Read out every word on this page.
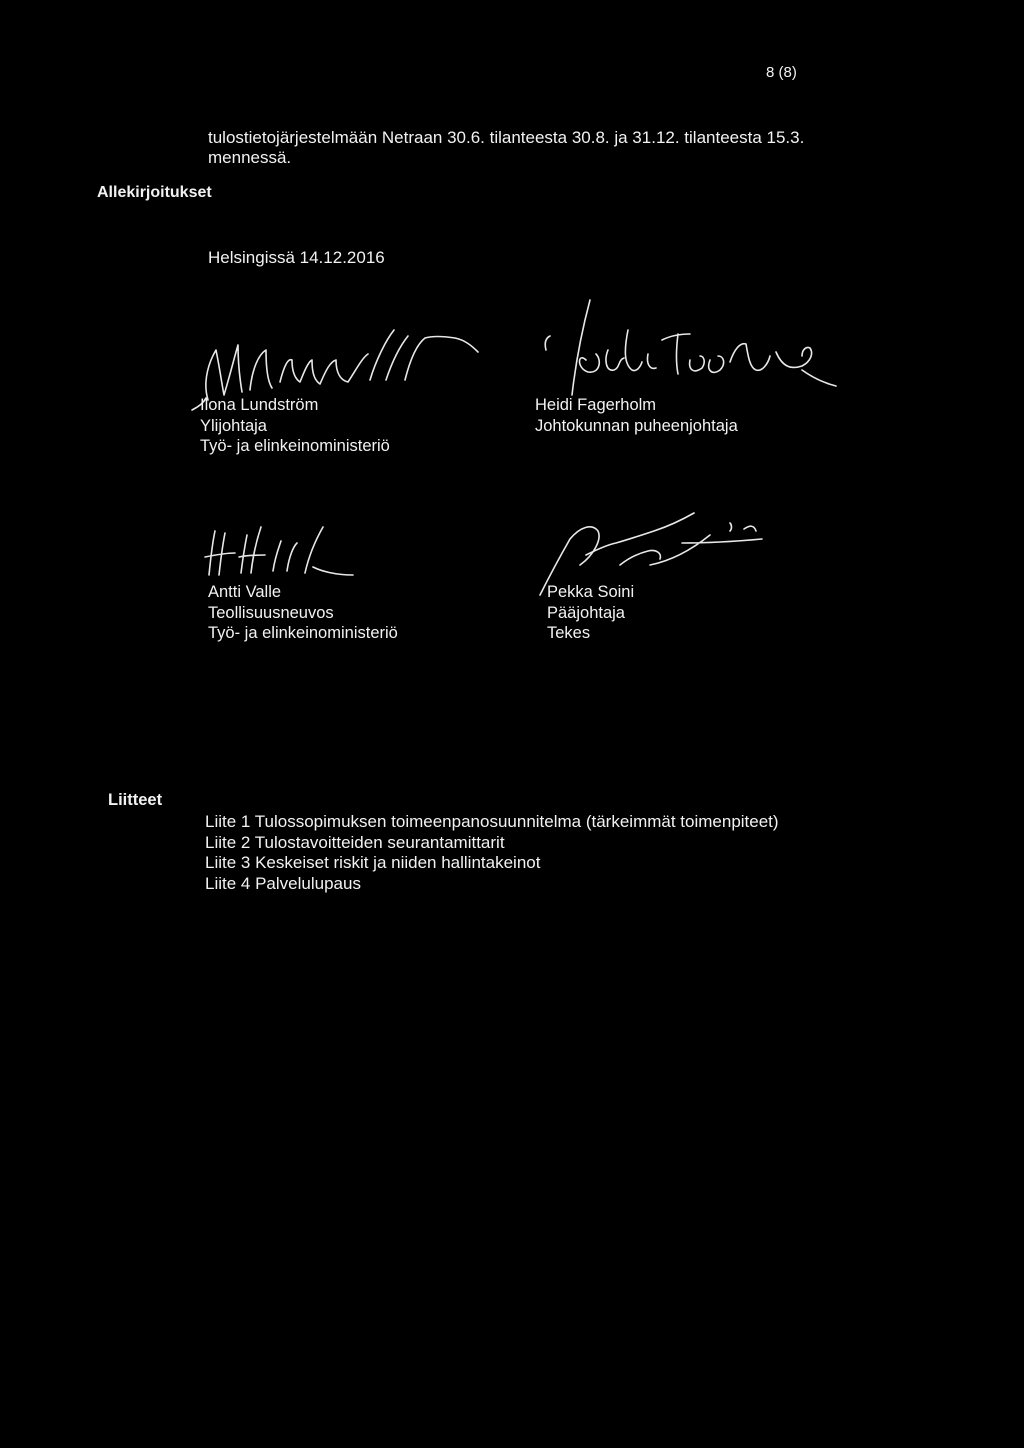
8 (8)
tulostietojärjestelmään Netraan 30.6. tilanteesta 30.8. ja 31.12. tilanteesta 15.3. mennessä.
Allekirjoitukset
Helsingissä 14.12.2016
Ilona Lundström
Ylijohtaja
Työ- ja elinkeinoministeriö
Heidi Fagerholm
Johtokunnan puheenjohtaja
Antti Valle
Teollisuusneuvos
Työ- ja elinkeinoministeriö
Pekka Soini
Pääjohtaja
Tekes
Liitteet
Liite 1 Tulossopimuksen toimeenpanosuunnitelma (tärkeimmät toimenpiteet)
Liite 2 Tulostavoitteiden seurantamittarit
Liite 3 Keskeiset riskit ja niiden hallintakeinot
Liite 4 Palvelulupaus
